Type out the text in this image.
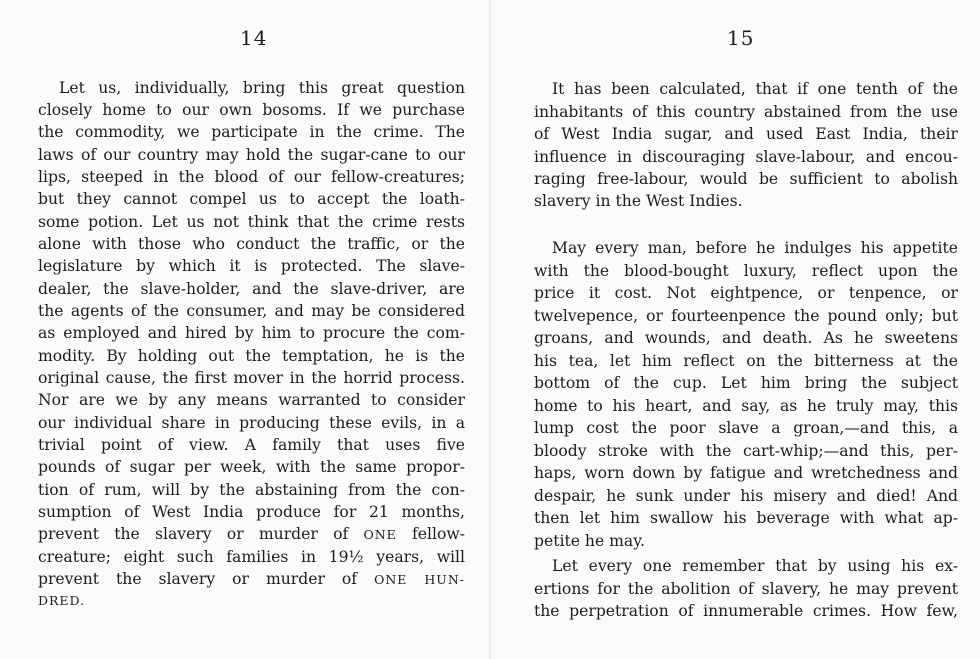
14
Let us, individually, bring this great question
closely home to our own bosoms. If we purchase
the commodity, we participate in the crime. The
laws of our country may hold the sugar-cane to our
lips, steeped in the blood of our fellow-creatures;
but they cannot compel us to accept the loath-
some potion. Let us not think that the crime rests
alone with those who conduct the traffic, or the
legislature by which it is protected. The slave-
dealer, the slave-holder, and the slave-driver, are
the agents of the consumer, and may be considered
as employed and hired by him to procure the com-
modity. By holding out the temptation, he is the
original cause, the first mover in the horrid process.
Nor are we by any means warranted to consider
our individual share in producing these evils, in a
trivial point of view. A family that uses five
pounds of sugar per week, with the same propor-
tion of rum, will by the abstaining from the con-
sumption of West India produce for 21 months,
prevent the slavery or murder of ONE fellow-
creature; eight such families in 19½ years, will
prevent the slavery or murder of ONE HUN-
DRED.
15
It has been calculated, that if one tenth of the
inhabitants of this country abstained from the use
of West India sugar, and used East India, their
influence in discouraging slave-labour, and encou-
raging free-labour, would be sufficient to abolish
slavery in the West Indies.
May every man, before he indulges his appetite
with the blood-bought luxury, reflect upon the
price it cost. Not eightpence, or tenpence, or
twelvepence, or fourteenpence the pound only; but
groans, and wounds, and death. As he sweetens
his tea, let him reflect on the bitterness at the
bottom of the cup. Let him bring the subject
home to his heart, and say, as he truly may, this
lump cost the poor slave a groan,—and this, a
bloody stroke with the cart-whip;—and this, per-
haps, worn down by fatigue and wretchedness and
despair, he sunk under his misery and died! And
then let him swallow his beverage with what ap-
petite he may.
Let every one remember that by using his ex-
ertions for the abolition of slavery, he may prevent
the perpetration of innumerable crimes. How few,
